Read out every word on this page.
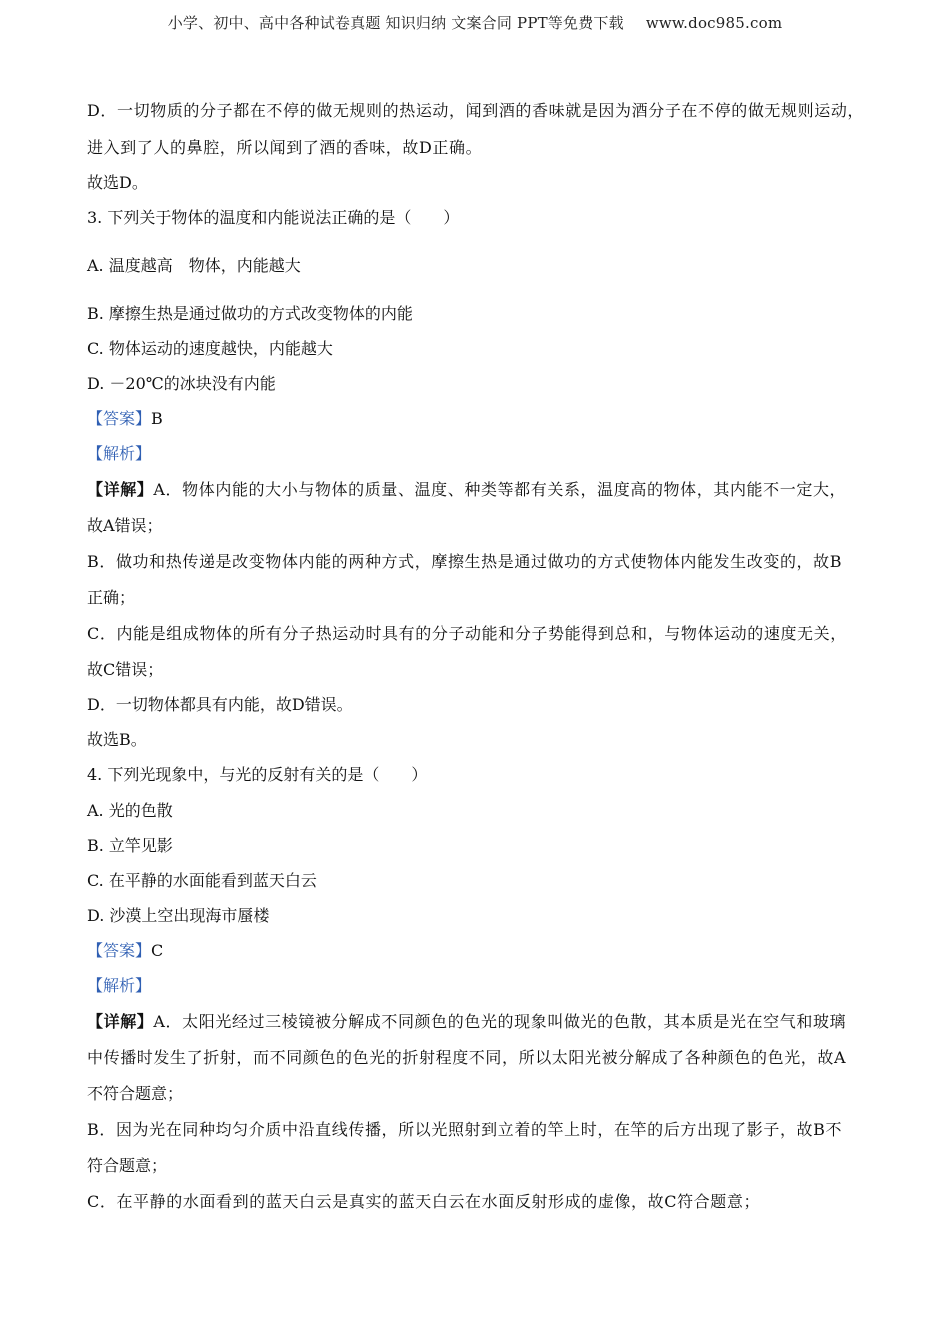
小学、初中、高中各种试卷真题 知识归纳 文案合同 PPT等免费下载 www.doc985.com
D．一切物质的分子都在不停的做无规则的热运动，闻到酒的香味就是因为酒分子在不停的做无规则运动，
进入到了人的鼻腔，所以闻到了酒的香味，故D正确。
故选D。
3. 下列关于物体的温度和内能说法正确的是（　　）
A. 温度越高　物体，内能越大
B. 摩擦生热是通过做功的方式改变物体的内能
C. 物体运动的速度越快，内能越大
D. －20℃的冰块没有内能
【答案】B
【解析】
【详解】A．物体内能的大小与物体的质量、温度、种类等都有关系，温度高的物体，其内能不一定大，
故A错误；
B．做功和热传递是改变物体内能的两种方式，摩擦生热是通过做功的方式使物体内能发生改变的，故B
正确；
C．内能是组成物体的所有分子热运动时具有的分子动能和分子势能得到总和，与物体运动的速度无关，
故C错误；
D．一切物体都具有内能，故D错误。
故选B。
4. 下列光现象中，与光的反射有关的是（　　）
A. 光的色散
B. 立竿见影
C. 在平静的水面能看到蓝天白云
D. 沙漠上空出现海市蜃楼
【答案】C
【解析】
【详解】A．太阳光经过三棱镜被分解成不同颜色的色光的现象叫做光的色散，其本质是光在空气和玻璃
中传播时发生了折射，而不同颜色的色光的折射程度不同，所以太阳光被分解成了各种颜色的色光，故A
不符合题意；
B．因为光在同种均匀介质中沿直线传播，所以光照射到立着的竿上时，在竿的后方出现了影子，故B不
符合题意；
C．在平静的水面看到的蓝天白云是真实的蓝天白云在水面反射形成的虚像，故C符合题意；
